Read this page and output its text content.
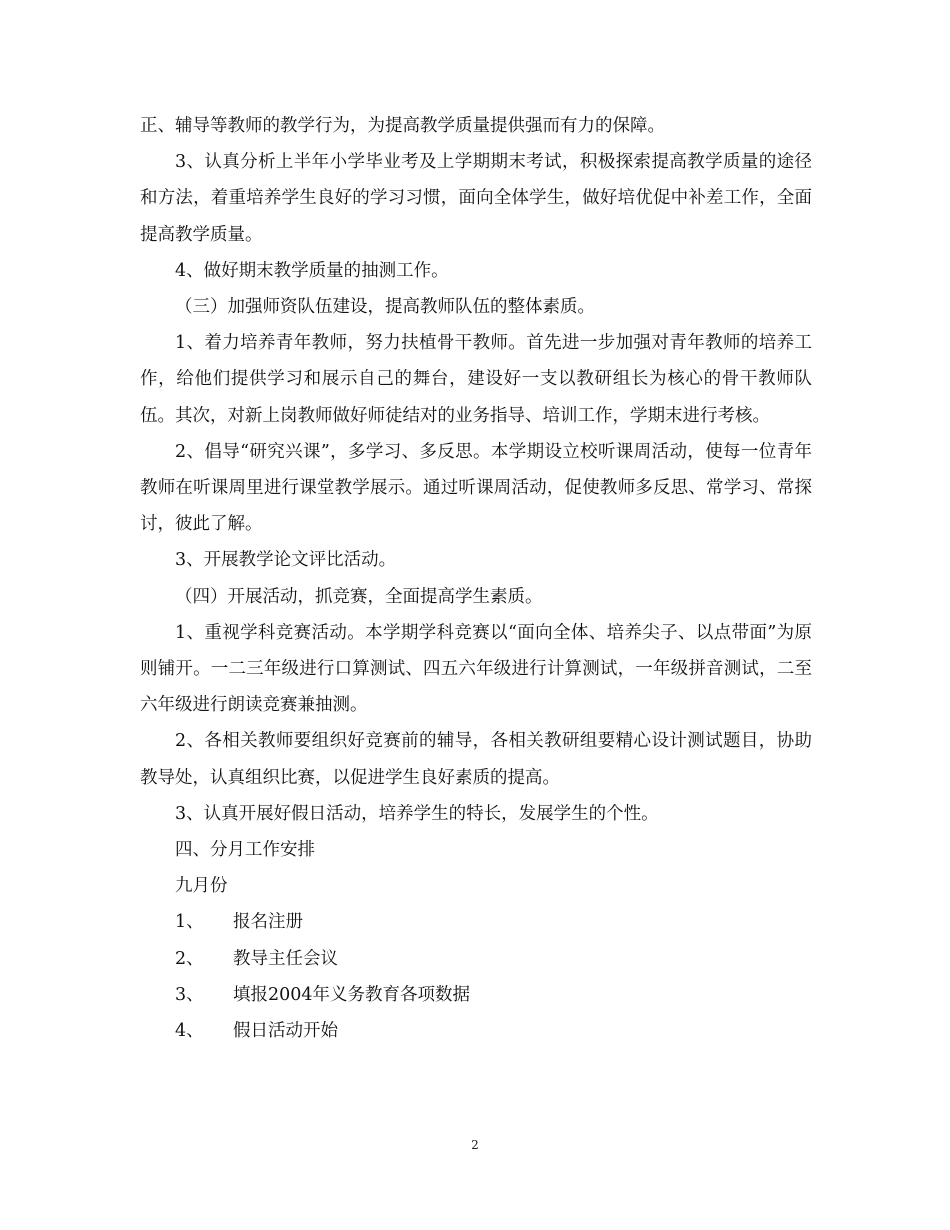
正、辅导等教师的教学行为，为提高教学质量提供强而有力的保障。

3、认真分析上半年小学毕业考及上学期期末考试，积极探索提高教学质量的途径和方法，着重培养学生良好的学习习惯，面向全体学生，做好培优促中补差工作，全面提高教学质量。

4、做好期末教学质量的抽测工作。

（三）加强师资队伍建设，提高教师队伍的整体素质。

1、着力培养青年教师，努力扶植骨干教师。首先进一步加强对青年教师的培养工作，给他们提供学习和展示自己的舞台，建设好一支以教研组长为核心的骨干教师队伍。其次，对新上岗教师做好师徒结对的业务指导、培训工作，学期末进行考核。

2、倡导“研究兴课”，多学习、多反思。本学期设立校听课周活动，使每一位青年教师在听课周里进行课堂教学展示。通过听课周活动，促使教师多反思、常学习、常探讨，彼此了解。

3、开展教学论文评比活动。

（四）开展活动，抓竞赛，全面提高学生素质。

1、重视学科竞赛活动。本学期学科竞赛以“面向全体、培养尖子、以点带面”为原则铺开。一二三年级进行口算测试、四五六年级进行计算测试，一年级拼音测试，二至六年级进行朗读竞赛兼抽测。

2、各相关教师要组织好竞赛前的辅导，各相关教研组要精心设计测试题目，协助教导处，认真组织比赛，以促进学生良好素质的提高。

3、认真开展好假日活动，培养学生的特长，发展学生的个性。

四、分月工作安排

九月份

1、	报名注册
2、	教导主任会议
3、	填报2004年义务教育各项数据
4、	假日活动开始
2
